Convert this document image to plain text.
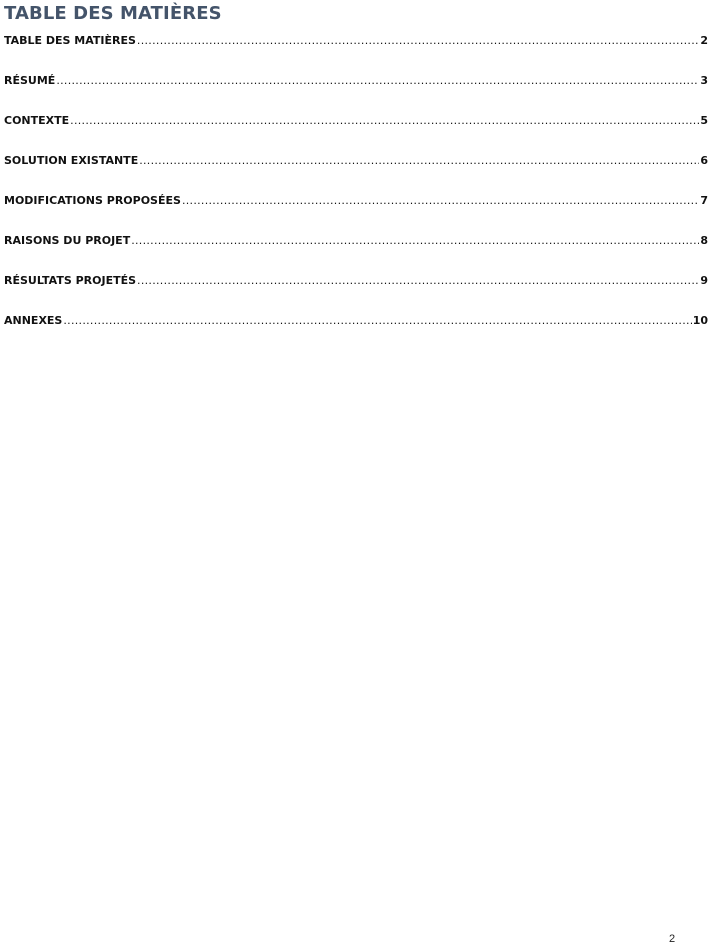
TABLE DES MATIÈRES
TABLE DES MATIÈRES .....	2
RÉSUMÉ .....	3
CONTEXTE .....	5
SOLUTION EXISTANTE .....	6
MODIFICATIONS PROPOSÉES .....	7
RAISONS DU PROJET .....	8
RÉSULTATS PROJETÉS .....	9
ANNEXES .....	10
2
